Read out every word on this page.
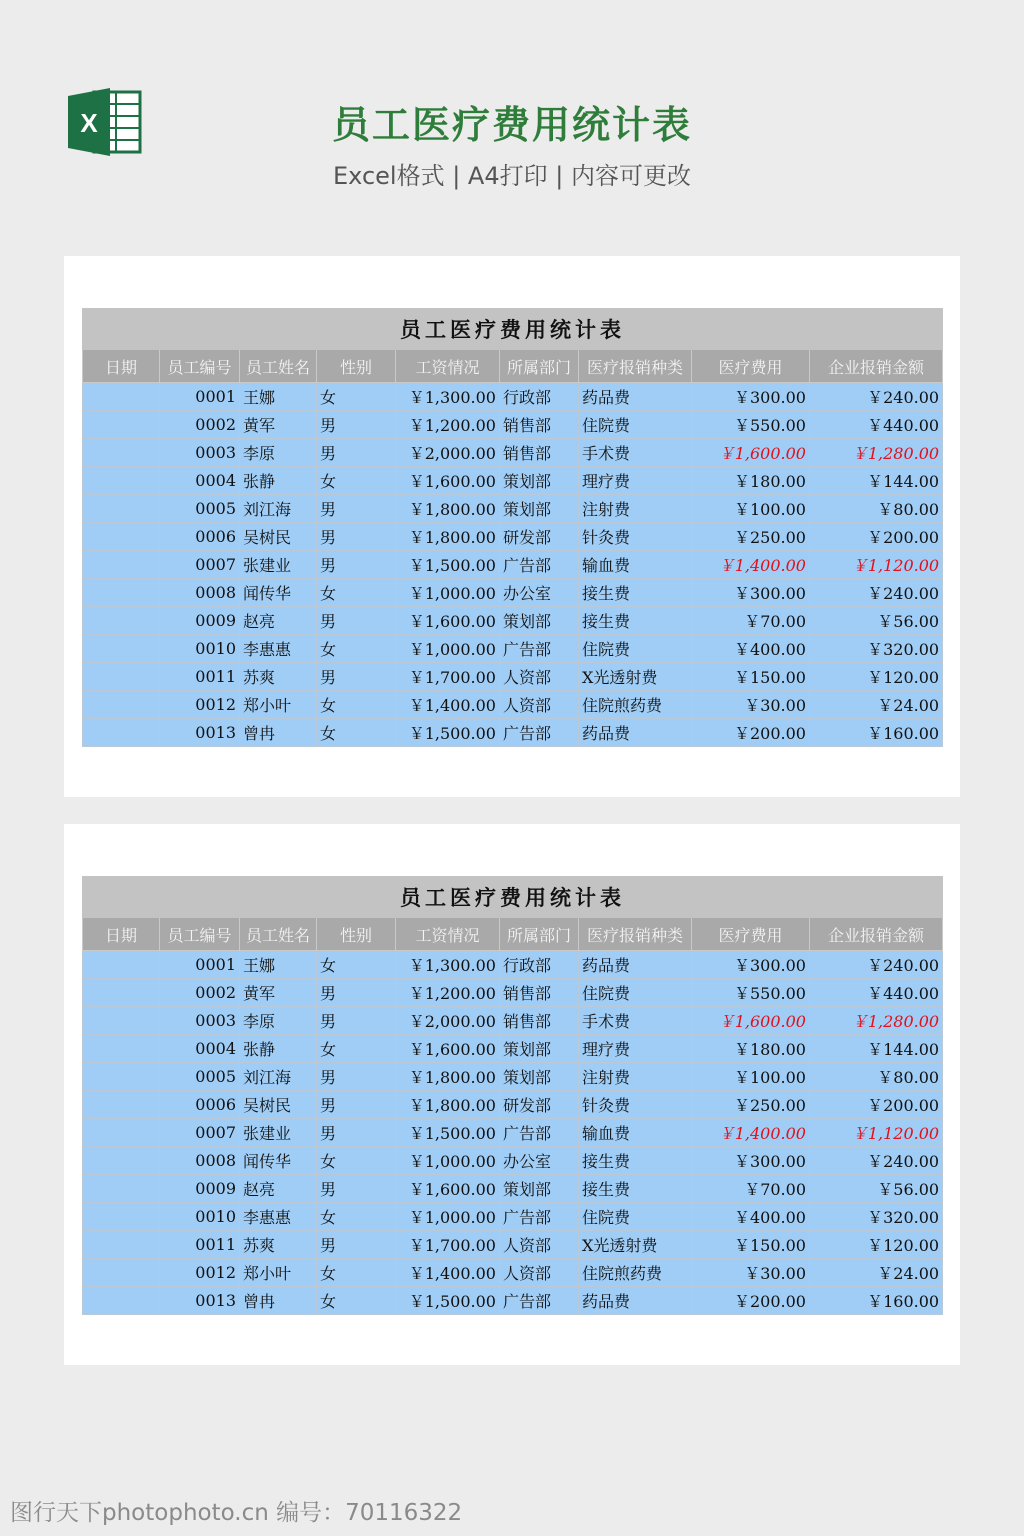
X	员工医疗费用统计表
Excel格式 | A4打印 | 内容可更改
员工医疗费用统计表								
日期	员工编号	员工姓名	性别	工资情况	所属部门	医疗报销种类	医疗费用	企业报销金额
	0001	王娜	女	￥1,300.00	行政部	药品费	￥300.00	￥240.00
	0002	黄军	男	￥1,200.00	销售部	住院费	￥550.00	￥440.00
	0003	李原	男	￥2,000.00	销售部	手术费	￥1,600.00	￥1,280.00
	0004	张静	女	￥1,600.00	策划部	理疗费	￥180.00	￥144.00
	0005	刘江海	男	￥1,800.00	策划部	注射费	￥100.00	￥80.00
	0006	吴树民	男	￥1,800.00	研发部	针灸费	￥250.00	￥200.00
	0007	张建业	男	￥1,500.00	广告部	输血费	￥1,400.00	￥1,120.00
	0008	闻传华	女	￥1,000.00	办公室	接生费	￥300.00	￥240.00
	0009	赵亮	男	￥1,600.00	策划部	接生费	￥70.00	￥56.00
	0010	李惠惠	女	￥1,000.00	广告部	住院费	￥400.00	￥320.00
	0011	苏爽	男	￥1,700.00	人资部	X光透射费	￥150.00	￥120.00
	0012	郑小叶	女	￥1,400.00	人资部	住院煎药费	￥30.00	￥24.00
	0013	曾冉	女	￥1,500.00	广告部	药品费	￥200.00	￥160.00
员工医疗费用统计表								
日期	员工编号	员工姓名	性别	工资情况	所属部门	医疗报销种类	医疗费用	企业报销金额
	0001	王娜	女	￥1,300.00	行政部	药品费	￥300.00	￥240.00
	0002	黄军	男	￥1,200.00	销售部	住院费	￥550.00	￥440.00
	0003	李原	男	￥2,000.00	销售部	手术费	￥1,600.00	￥1,280.00
	0004	张静	女	￥1,600.00	策划部	理疗费	￥180.00	￥144.00
	0005	刘江海	男	￥1,800.00	策划部	注射费	￥100.00	￥80.00
	0006	吴树民	男	￥1,800.00	研发部	针灸费	￥250.00	￥200.00
	0007	张建业	男	￥1,500.00	广告部	输血费	￥1,400.00	￥1,120.00
	0008	闻传华	女	￥1,000.00	办公室	接生费	￥300.00	￥240.00
	0009	赵亮	男	￥1,600.00	策划部	接生费	￥70.00	￥56.00
	0010	李惠惠	女	￥1,000.00	广告部	住院费	￥400.00	￥320.00
	0011	苏爽	男	￥1,700.00	人资部	X光透射费	￥150.00	￥120.00
	0012	郑小叶	女	￥1,400.00	人资部	住院煎药费	￥30.00	￥24.00
	0013	曾冉	女	￥1,500.00	广告部	药品费	￥200.00	￥160.00
图行天下photophoto.cn 编号：70116322
